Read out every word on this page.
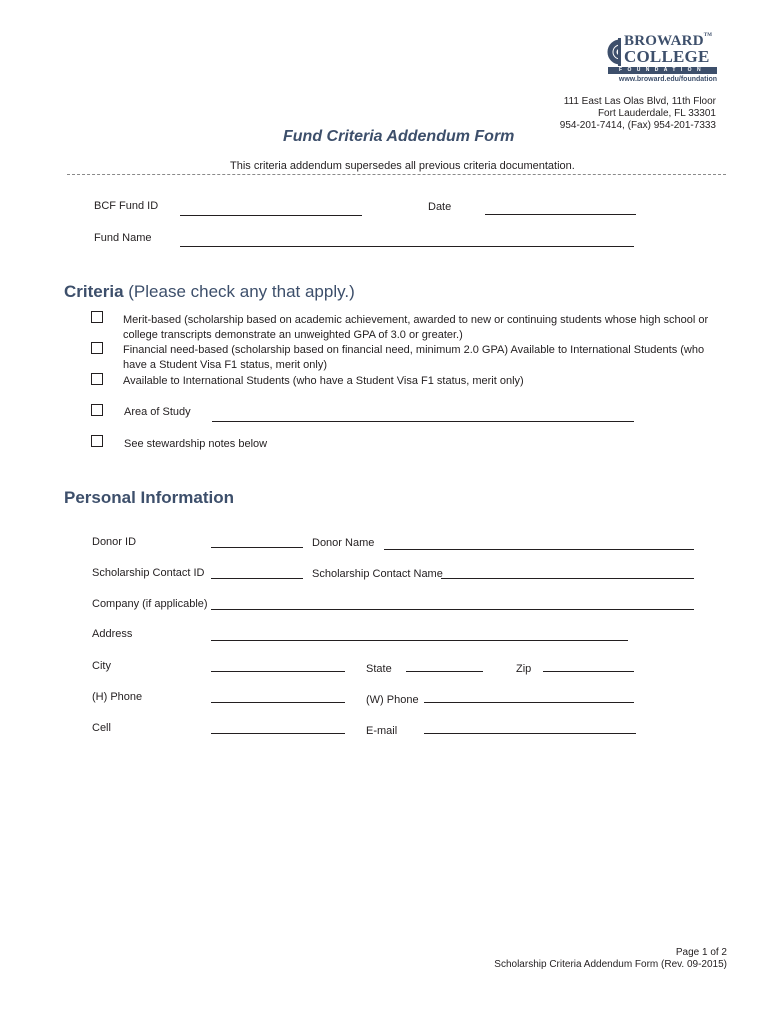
BROWARD™
COLLEGE
FOUNDATION
www.broward.edu/foundation
111 East Las Olas Blvd, 11th Floor
Fort Lauderdale, FL 33301
954-201-7414, (Fax) 954-201-7333
Fund Criteria Addendum Form
This criteria addendum supersedes all previous criteria documentation.
BCF Fund ID	Date
Fund Name
Criteria (Please check any that apply.)
Merit-based (scholarship based on academic achievement, awarded to new or continuing students whose high school or college transcripts demonstrate an unweighted GPA of 3.0 or greater.)
Financial need-based (scholarship based on financial need, minimum 2.0 GPA) Available to International Students (who have a Student Visa F1 status, merit only)
Available to International Students (who have a Student Visa F1 status, merit only)
Area of Study
See stewardship notes below
Personal Information
Donor ID	Donor Name
Scholarship Contact ID	Scholarship Contact Name
Company (if applicable)
Address
City	State	Zip
(H) Phone	(W) Phone
Cell	E-mail
Page 1 of 2
Scholarship Criteria Addendum Form (Rev. 09-2015)
